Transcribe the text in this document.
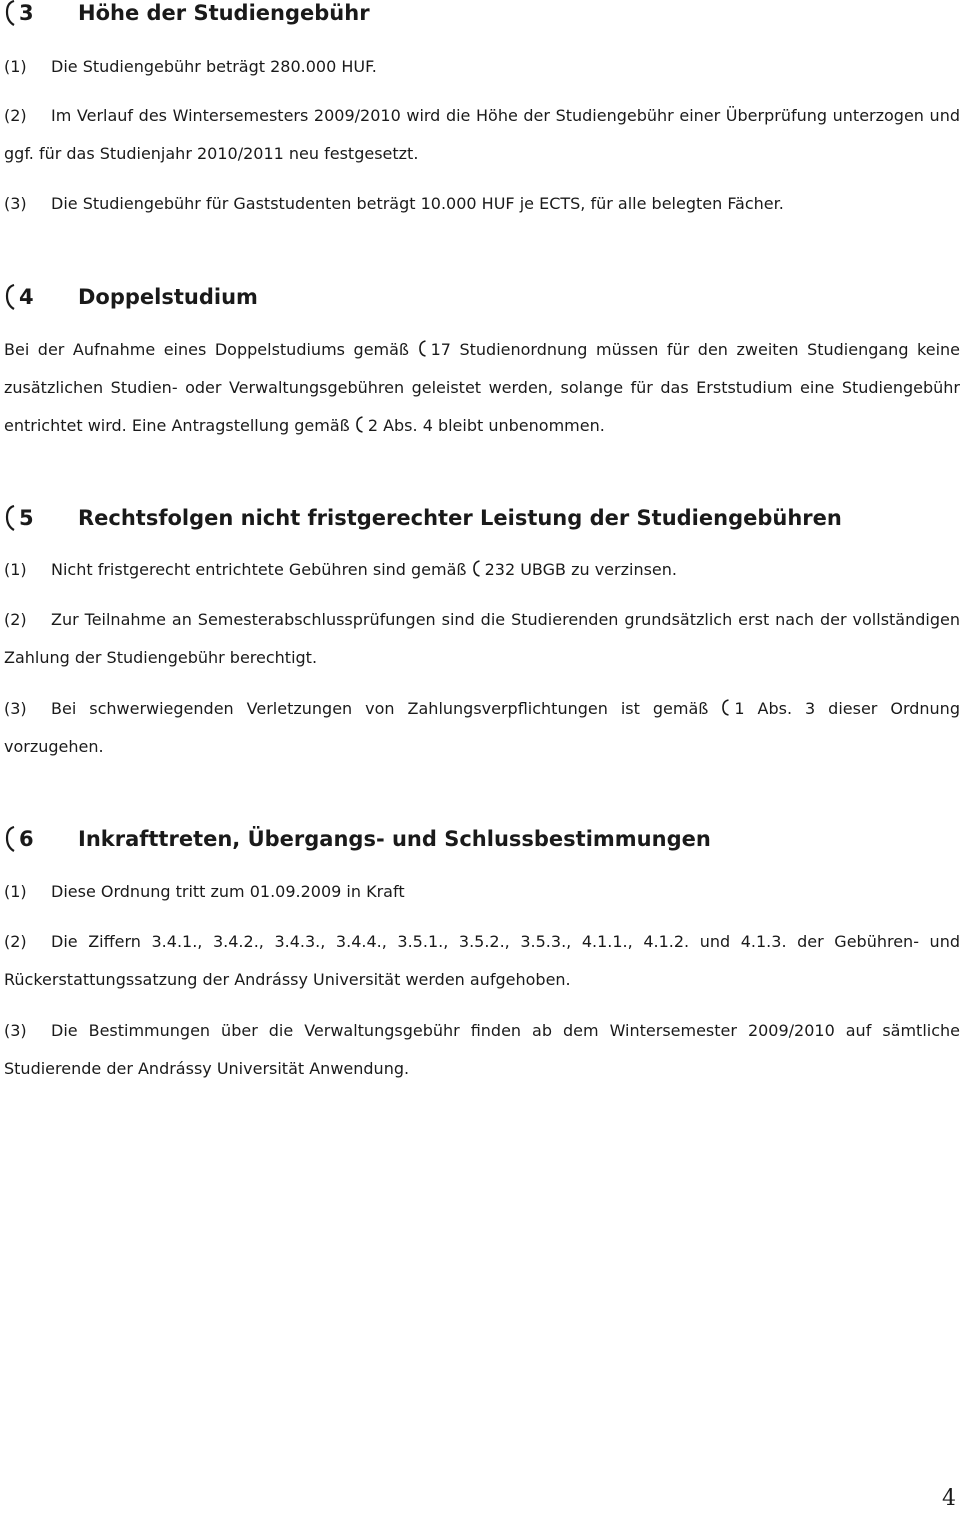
3 Höhe der Studiengebühr

(1) Die Studiengebühr beträgt 280.000 HUF.

(2) Im Verlauf des Wintersemesters 2009/2010 wird die Höhe der Studiengebühr einer Überprüfung unterzogen und ggf. für das Studienjahr 2010/2011 neu festgesetzt.

(3) Die Studiengebühr für Gaststudenten beträgt 10.000 HUF je ECTS, für alle belegten Fächer.

4 Doppelstudium

Bei der Aufnahme eines Doppelstudiums gemäß 17 Studienordnung müssen für den zweiten Studiengang keine zusätzlichen Studien- oder Verwaltungsgebühren geleistet werden, solange für das Erststudium eine Studiengebühr entrichtet wird. Eine Antragstellung gemäß 2 Abs. 4 bleibt unbenommen.

5 Rechtsfolgen nicht fristgerechter Leistung der Studiengebühren

(1) Nicht fristgerecht entrichtete Gebühren sind gemäß 232 UBGB zu verzinsen.

(2) Zur Teilnahme an Semesterabschlussprüfungen sind die Studierenden grundsätzlich erst nach der vollständigen Zahlung der Studiengebühr berechtigt.

(3) Bei schwerwiegenden Verletzungen von Zahlungsverpflichtungen ist gemäß 1 Abs. 3 dieser Ordnung vorzugehen.

6 Inkrafttreten, Übergangs- und Schlussbestimmungen

(1) Diese Ordnung tritt zum 01.09.2009 in Kraft

(2) Die Ziffern 3.4.1., 3.4.2., 3.4.3., 3.4.4., 3.5.1., 3.5.2., 3.5.3., 4.1.1., 4.1.2. und 4.1.3. der Gebühren- und Rückerstattungssatzung der Andrássy Universität werden aufgehoben.

(3) Die Bestimmungen über die Verwaltungsgebühr finden ab dem Wintersemester 2009/2010 auf sämtliche Studierende der Andrássy Universität Anwendung.

4
